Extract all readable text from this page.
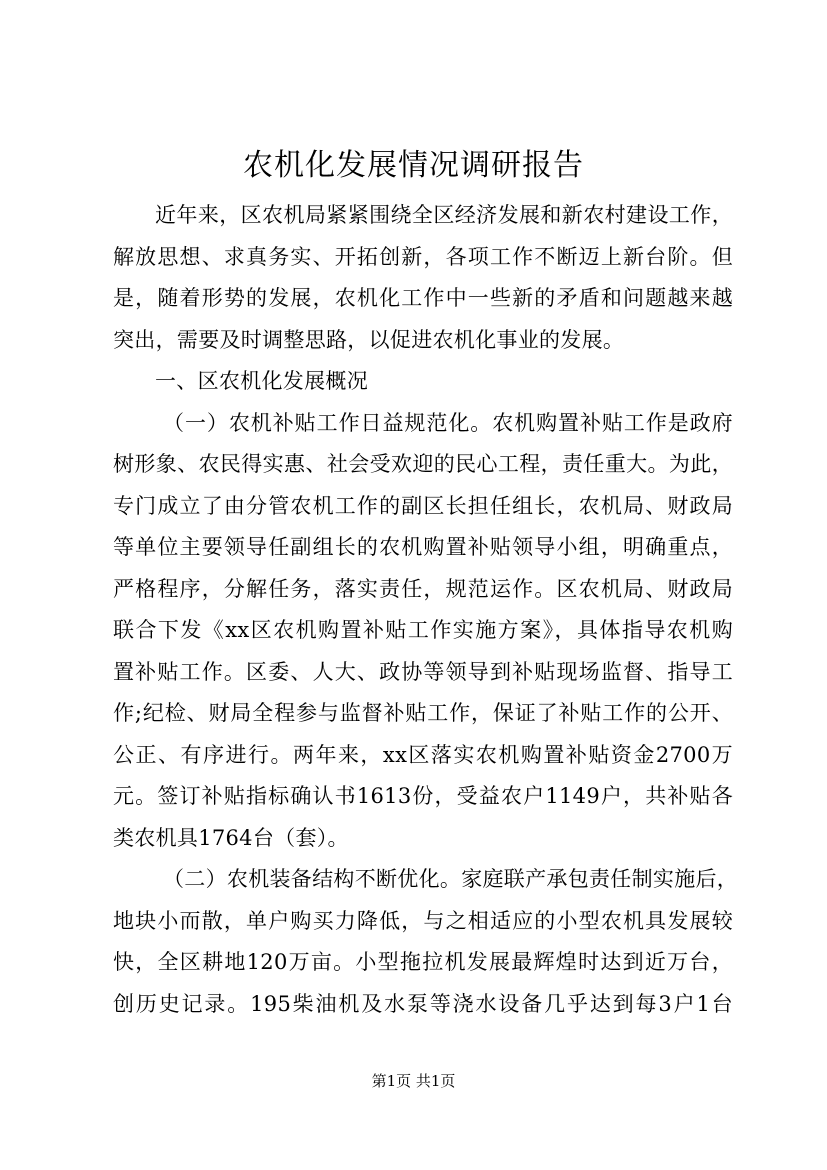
农机化发展情况调研报告
近年来，区农机局紧紧围绕全区经济发展和新农村建设工作，
解放思想、求真务实、开拓创新，各项工作不断迈上新台阶。但
是，随着形势的发展，农机化工作中一些新的矛盾和问题越来越
突出，需要及时调整思路，以促进农机化事业的发展。
一、区农机化发展概况
（一）农机补贴工作日益规范化。农机购置补贴工作是政府
树形象、农民得实惠、社会受欢迎的民心工程，责任重大。为此，
专门成立了由分管农机工作的副区长担任组长，农机局、财政局
等单位主要领导任副组长的农机购置补贴领导小组，明确重点，
严格程序，分解任务，落实责任，规范运作。区农机局、财政局
联合下发《xx区农机购置补贴工作实施方案》，具体指导农机购
置补贴工作。区委、人大、政协等领导到补贴现场监督、指导工
作;纪检、财局全程参与监督补贴工作，保证了补贴工作的公开、
公正、有序进行。两年来，xx区落实农机购置补贴资金2700万
元。签订补贴指标确认书1613份，受益农户1149户，共补贴各
类农机具1764台（套）。
（二）农机装备结构不断优化。家庭联产承包责任制实施后，
地块小而散，单户购买力降低，与之相适应的小型农机具发展较
快，全区耕地120万亩。小型拖拉机发展最辉煌时达到近万台，
创历史记录。195柴油机及水泵等浇水设备几乎达到每3户1台
第1页 共1页
